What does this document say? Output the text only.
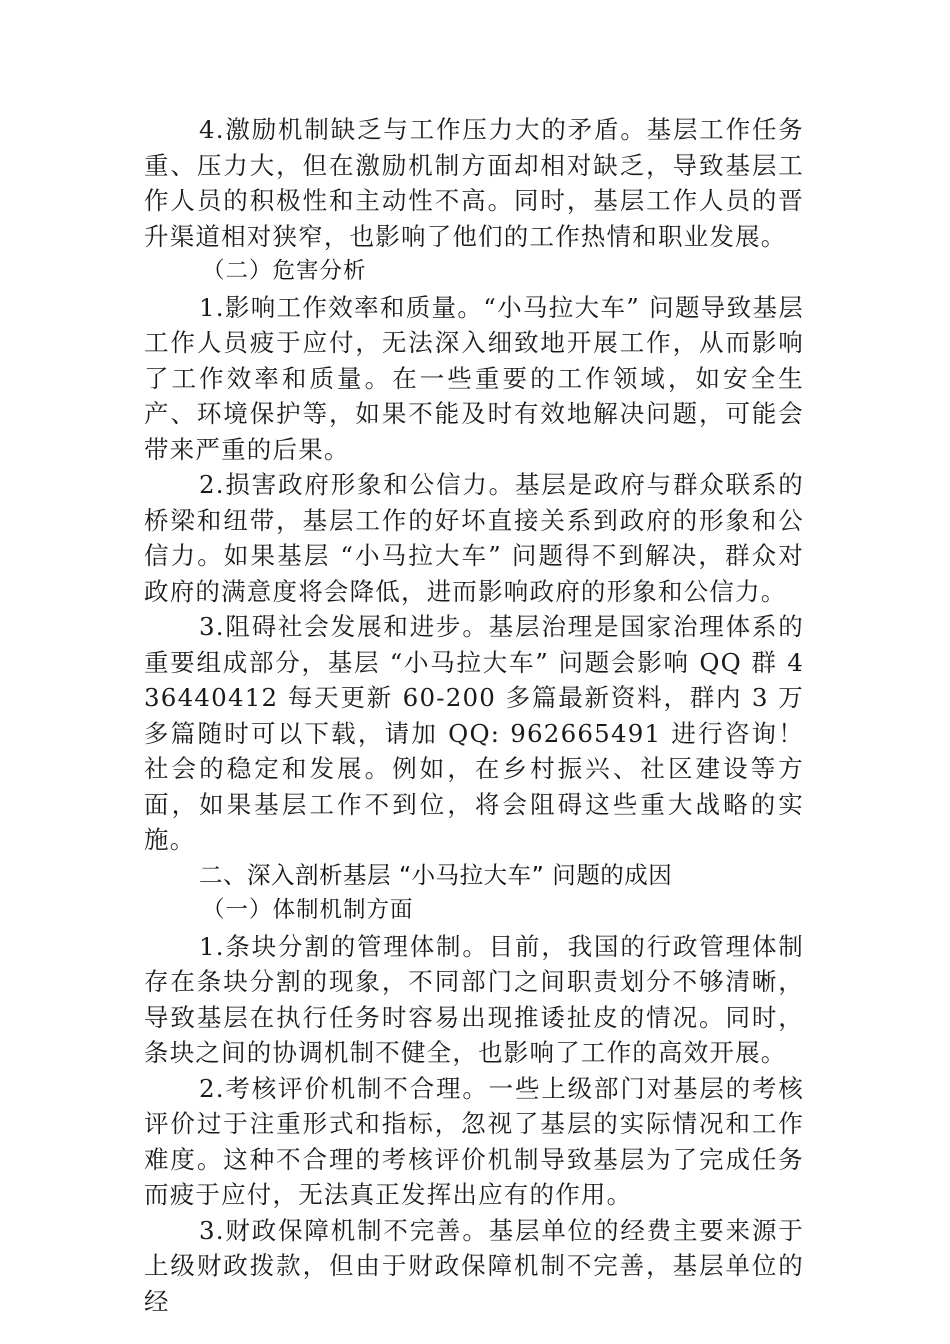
4.激励机制缺乏与工作压力大的矛盾。基层工作任务重、压力大，但在激励机制方面却相对缺乏，导致基层工作人员的积极性和主动性不高。同时，基层工作人员的晋升渠道相对狭窄，也影响了他们的工作热情和职业发展。

（二）危害分析

1.影响工作效率和质量。“小马拉大车” 问题导致基层工作人员疲于应付，无法深入细致地开展工作，从而影响了工作效率和质量。在一些重要的工作领域，如安全生产、环境保护等，如果不能及时有效地解决问题，可能会带来严重的后果。

2.损害政府形象和公信力。基层是政府与群众联系的桥梁和纽带，基层工作的好坏直接关系到政府的形象和公信力。如果基层 “小马拉大车” 问题得不到解决，群众对政府的满意度将会降低，进而影响政府的形象和公信力。

3.阻碍社会发展和进步。基层治理是国家治理体系的重要组成部分，基层 “小马拉大车” 问题会影响 QQ 群 436440412 每天更新 60-200 多篇最新资料，群内 3 万多篇随时可以下载，请加 QQ: 962665491 进行咨询！社会的稳定和发展。例如，在乡村振兴、社区建设等方面，如果基层工作不到位，将会阻碍这些重大战略的实施。

二、深入剖析基层 “小马拉大车” 问题的成因

（一）体制机制方面

1.条块分割的管理体制。目前，我国的行政管理体制存在条块分割的现象，不同部门之间职责划分不够清晰，导致基层在执行任务时容易出现推诿扯皮的情况。同时，条块之间的协调机制不健全，也影响了工作的高效开展。

2.考核评价机制不合理。一些上级部门对基层的考核评价过于注重形式和指标，忽视了基层的实际情况和工作难度。这种不合理的考核评价机制导致基层为了完成任务而疲于应付，无法真正发挥出应有的作用。

3.财政保障机制不完善。基层单位的经费主要来源于上级财政拨款，但由于财政保障机制不完善，基层单位的经
